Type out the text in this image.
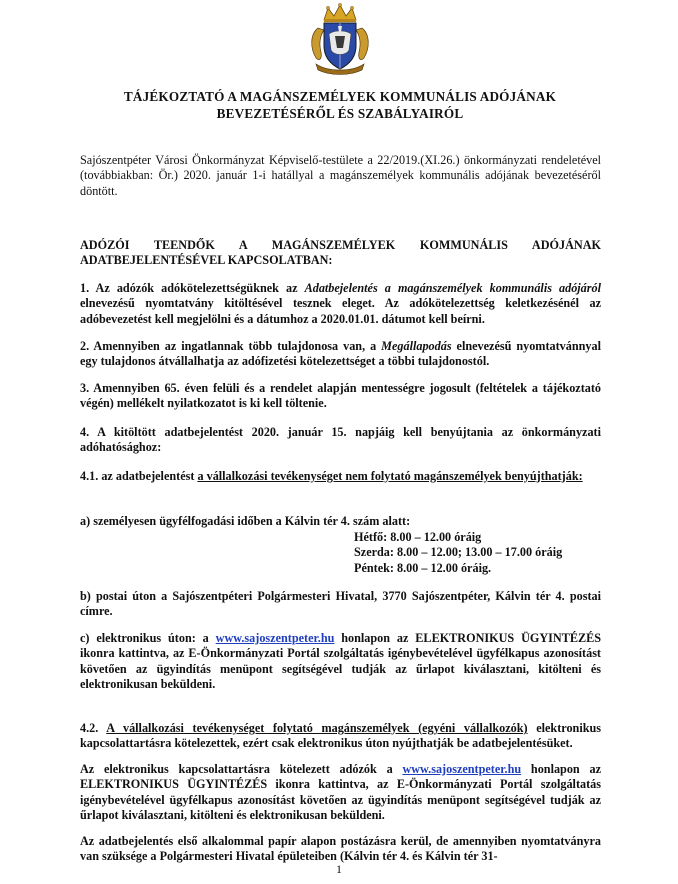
TÁJÉKOZTATÓ A MAGÁNSZEMÉLYEK KOMMUNÁLIS ADÓJÁNAK
BEVEZETÉSÉRŐL ÉS SZABÁLYAIRÓL

Sajószentpéter Városi Önkormányzat Képviselő-testülete a 22/2019.(XI.26.) önkormányzati rendeletével (továbbiakban: Ör.) 2020. január 1-i hatállyal a magánszemélyek kommunális adójának bevezetéséről döntött.

ADÓZÓI TEENDŐK A MAGÁNSZEMÉLYEK KOMMUNÁLIS ADÓJÁNAK
ADATBEJELENTÉSÉVEL KAPCSOLATBAN:

1. Az adózók adókötelezettségüknek az Adatbejelentés a magánszemélyek kommunális adójáról elnevezésű nyomtatvány kitöltésével tesznek eleget. Az adókötelezettség keletkezésénél az adóbevezetést kell megjelölni és a dátumhoz a 2020.01.01. dátumot kell beírni.

2. Amennyiben az ingatlannak több tulajdonosa van, a Megállapodás elnevezésű nyomtatvánnyal egy tulajdonos átvállalhatja az adófizetési kötelezettséget a többi tulajdonostól.

3. Amennyiben 65. éven felüli és a rendelet alapján mentességre jogosult (feltételek a tájékoztató végén) mellékelt nyilatkozatot is ki kell töltenie.

4. A kitöltött adatbejelentést 2020. január 15. napjáig kell benyújtania az önkormányzati adóhatósághoz:

4.1. az adatbejelentést a vállalkozási tevékenységet nem folytató magánszemélyek benyújthatják:

a) személyesen ügyfélfogadási időben a Kálvin tér 4. szám alatt:

Hétfő: 8.00 – 12.00 óráig
Szerda: 8.00 – 12.00; 13.00 – 17.00 óráig
Péntek: 8.00 – 12.00 óráig.

b) postai úton a Sajószentpéteri Polgármesteri Hivatal, 3770 Sajószentpéter, Kálvin tér 4. postai címre.

c) elektronikus úton: a www.sajoszentpeter.hu honlapon az ELEKTRONIKUS ÜGYINTÉZÉS ikonra kattintva, az E-Önkormányzati Portál szolgáltatás igénybevételével ügyfélkapus azonosítást követően az ügyindítás menüpont segítségével tudják az űrlapot kiválasztani, kitölteni és elektronikusan beküldeni.

4.2. A vállalkozási tevékenységet folytató magánszemélyek (egyéni vállalkozók) elektronikus kapcsolattartásra kötelezettek, ezért csak elektronikus úton nyújthatják be adatbejelentésüket.

Az elektronikus kapcsolattartásra kötelezett adózók a www.sajoszentpeter.hu honlapon az ELEKTRONIKUS ÜGYINTÉZÉS ikonra kattintva, az E-Önkormányzati Portál szolgáltatás igénybevételével ügyfélkapus azonosítást követően az ügyindítás menüpont segítségével tudják az űrlapot kiválasztani, kitölteni és elektronikusan beküldeni.

Az adatbejelentés első alkalommal papír alapon postázásra kerül, de amennyiben nyomtatványra van szüksége a Polgármesteri Hivatal épületeiben (Kálvin tér 4. és Kálvin tér 31-

1
